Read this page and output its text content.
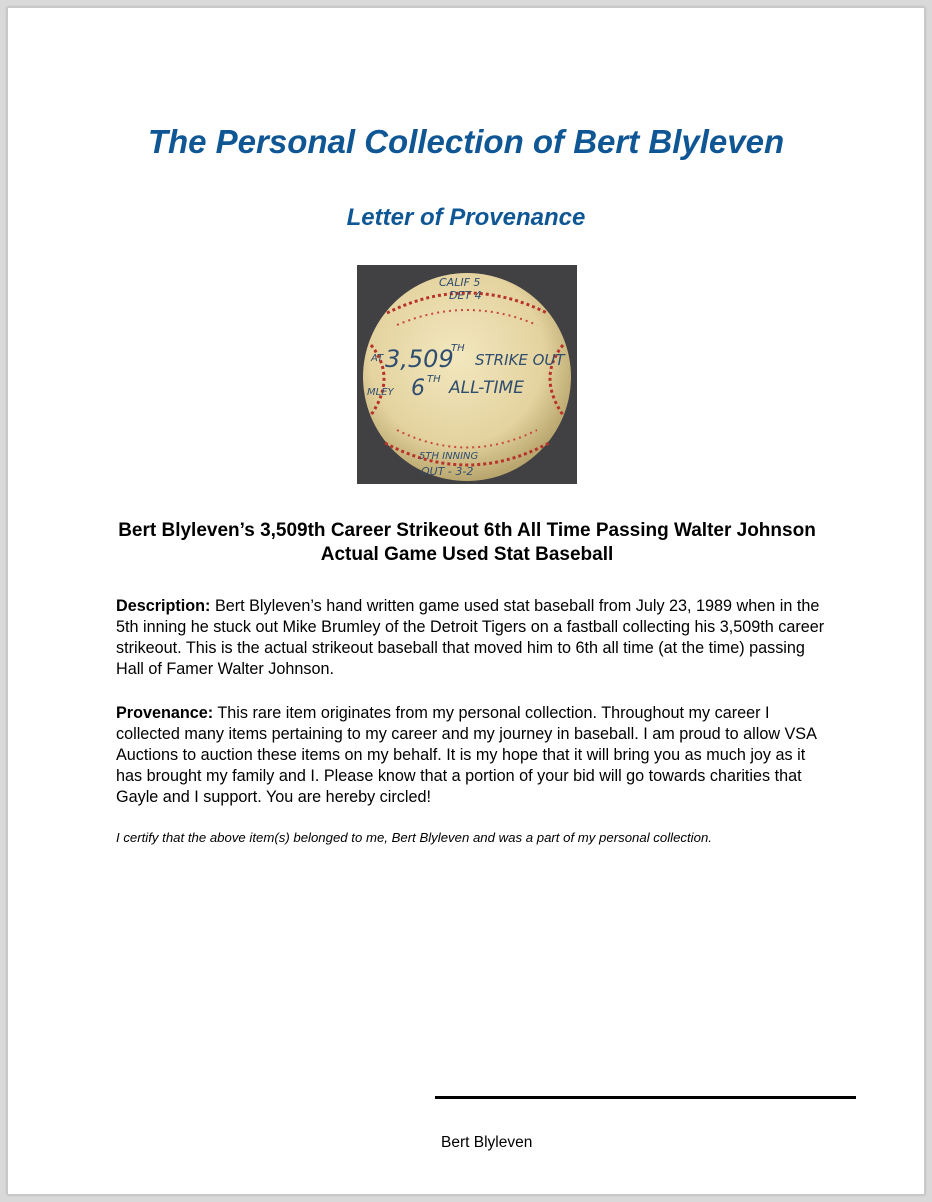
The Personal Collection of Bert Blyleven
Letter of Provenance
CALIF 5
DET 4
3,509
TH
STRIKE OUT
6 TH ALL-TIME
5TH INNING
OUT - 3-2
AT
MLEY
Bert Blyleven’s 3,509th Career Strikeout 6th All Time Passing Walter Johnson Actual Game Used Stat Baseball
Description: Bert Blyleven’s hand written game used stat baseball from July 23, 1989 when in the 5th inning he stuck out Mike Brumley of the Detroit Tigers on a fastball collecting his 3,509th career strikeout. This is the actual strikeout baseball that moved him to 6th all time (at the time) passing Hall of Famer Walter Johnson.
Provenance: This rare item originates from my personal collection. Throughout my career I collected many items pertaining to my career and my journey in baseball. I am proud to allow VSA Auctions to auction these items on my behalf. It is my hope that it will bring you as much joy as it has brought my family and I. Please know that a portion of your bid will go towards charities that Gayle and I support. You are hereby circled!
I certify that the above item(s) belonged to me, Bert Blyleven and was a part of my personal collection.
Bert Blyleven
